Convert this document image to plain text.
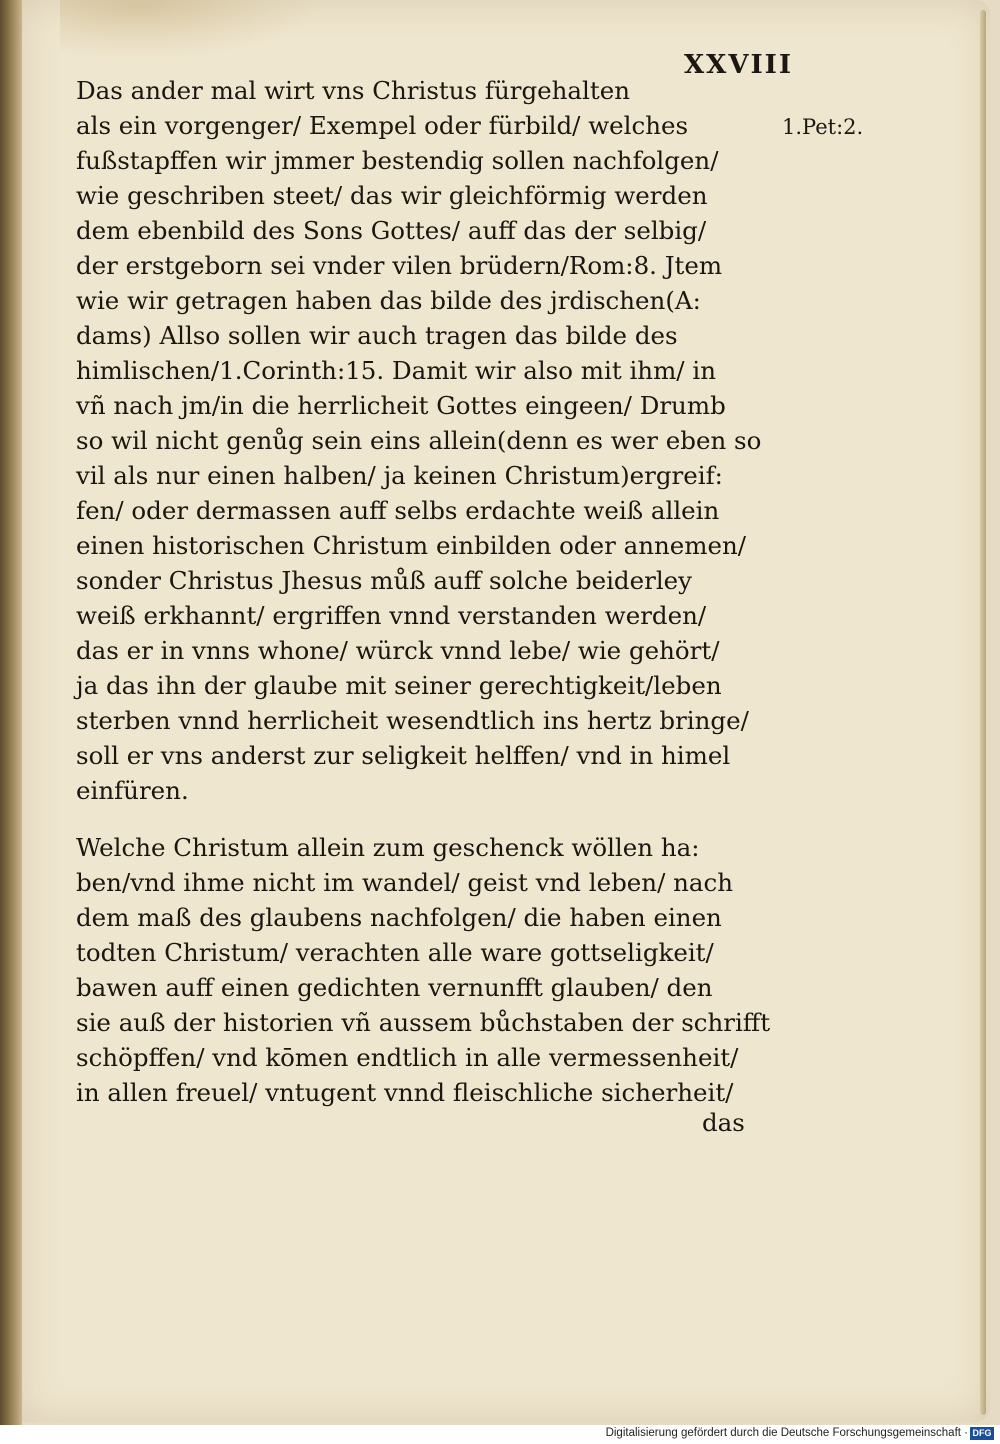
XXVIII
1.Pet:2.
Das ander mal wirt vns Christus fürgehalten
als ein vorgenger/ Exempel oder fürbild/ welches
fußstapffen wir jmmer bestendig sollen nachfolgen/
wie geschriben steet/ das wir gleichförmig werden
dem ebenbild des Sons Gottes/ auff das der selbig/
der erstgeborn sei vnder vilen brüdern/Rom:8. Jtem
wie wir getragen haben das bilde des jrdischen(A:
dams) Allso sollen wir auch tragen das bilde des
himlischen/1.Corinth:15. Damit wir also mit ihm/ in
vñ nach jm/in die herrlicheit Gottes eingeen/ Drumb
so wil nicht genůg sein eins allein(denn es wer eben so
vil als nur einen halben/ ja keinen Christum)ergreif:
fen/ oder dermassen auff selbs erdachte weiß allein
einen historischen Christum einbilden oder annemen/
sonder Christus Jhesus můß auff solche beiderley
weiß erkhannt/ ergriffen vnnd verstanden werden/
das er in vnns whone/ würck vnnd lebe/ wie gehört/
ja das ihn der glaube mit seiner gerechtigkeit/leben
sterben vnnd herrlicheit wesendtlich ins hertz bringe/
soll er vns anderst zur seligkeit helffen/ vnd in himel
einfüren.
Welche Christum allein zum geschenck wöllen ha:
ben/vnd ihme nicht im wandel/ geist vnd leben/ nach
dem maß des glaubens nachfolgen/ die haben einen
todten Christum/ verachten alle ware gottseligkeit/
bawen auff einen gedichten vernunfft glauben/ den
sie auß der historien vñ aussem bůchstaben der schrifft
schöpffen/ vnd kōmen endtlich in alle vermessenheit/
in allen freuel/ vntugent vnnd fleischliche sicherheit/
das
Digitalisierung gefördert durch die Deutsche Forschungsgemeinschaft · DFG
